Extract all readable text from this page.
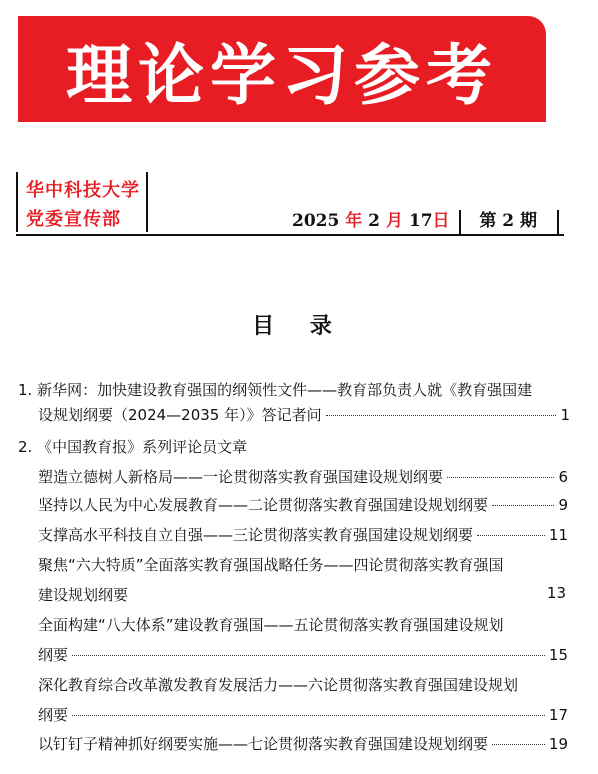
理论学习参考
华中科技大学
党委宣传部	2025 年 2 月 17日 第 2 期
目 录
1. 新华网：加快建设教育强国的纲领性文件——教育部负责人就《教育强国建
设规划纲要（2024—2035 年）》答记者问	1
2. 《中国教育报》系列评论员文章
塑造立德树人新格局——一论贯彻落实教育强国建设规划纲要	6
坚持以人民为中心发展教育——二论贯彻落实教育强国建设规划纲要	9
支撑高水平科技自立自强——三论贯彻落实教育强国建设规划纲要	11
聚焦“六大特质”全面落实教育强国战略任务——四论贯彻落实教育强国
建设规划纲要	13
全面构建“八大体系”建设教育强国——五论贯彻落实教育强国建设规划
纲要	15
深化教育综合改革激发教育发展活力——六论贯彻落实教育强国建设规划
纲要	17
以钉钉子精神抓好纲要实施——七论贯彻落实教育强国建设规划纲要	19
